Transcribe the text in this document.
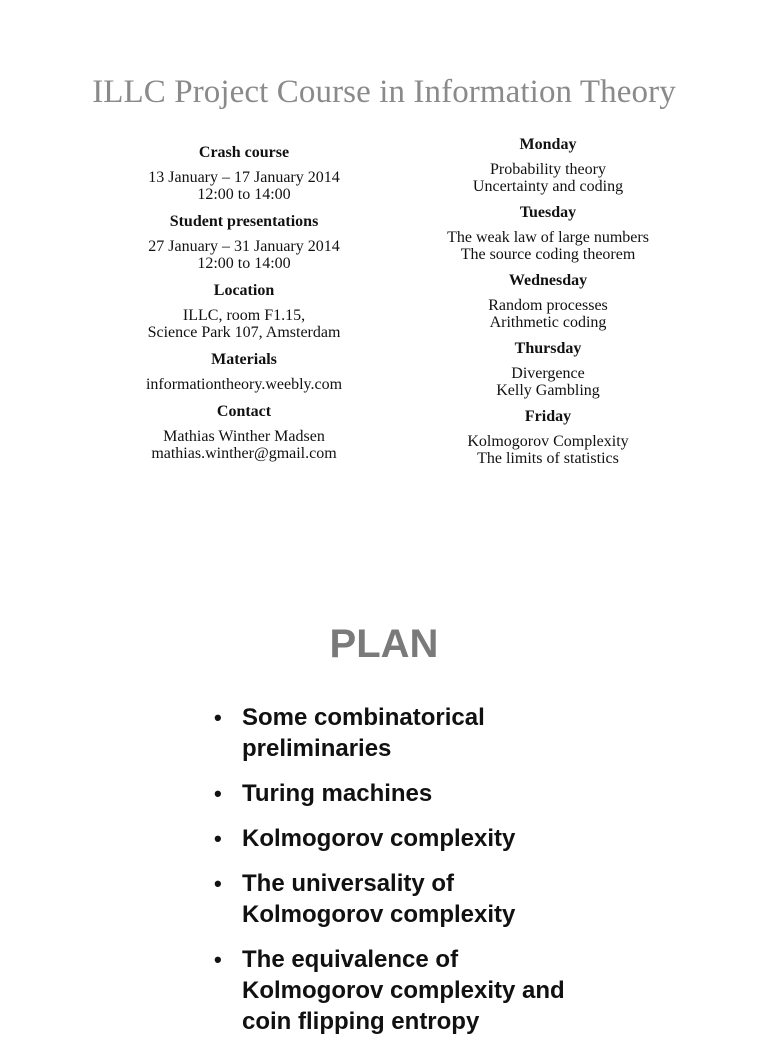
ILLC Project Course in Information Theory

Crash course

13 January – 17 January 2014
12:00 to 14:00

Student presentations

27 January – 31 January 2014
12:00 to 14:00

Location

ILLC, room F1.15,
Science Park 107, Amsterdam

Materials

informationtheory.weebly.com

Contact

Mathias Winther Madsen
mathias.winther@gmail.com

Monday

Probability theory
Uncertainty and coding

Tuesday

The weak law of large numbers
The source coding theorem

Wednesday

Random processes
Arithmetic coding

Thursday

Divergence
Kelly Gambling

Friday

Kolmogorov Complexity
The limits of statistics
PLAN
• Some combinatorical preliminaries
• Turing machines
• Kolmogorov complexity
• The universality of Kolmogorov complexity
• The equivalence of Kolmogorov complexity and coin flipping entropy
